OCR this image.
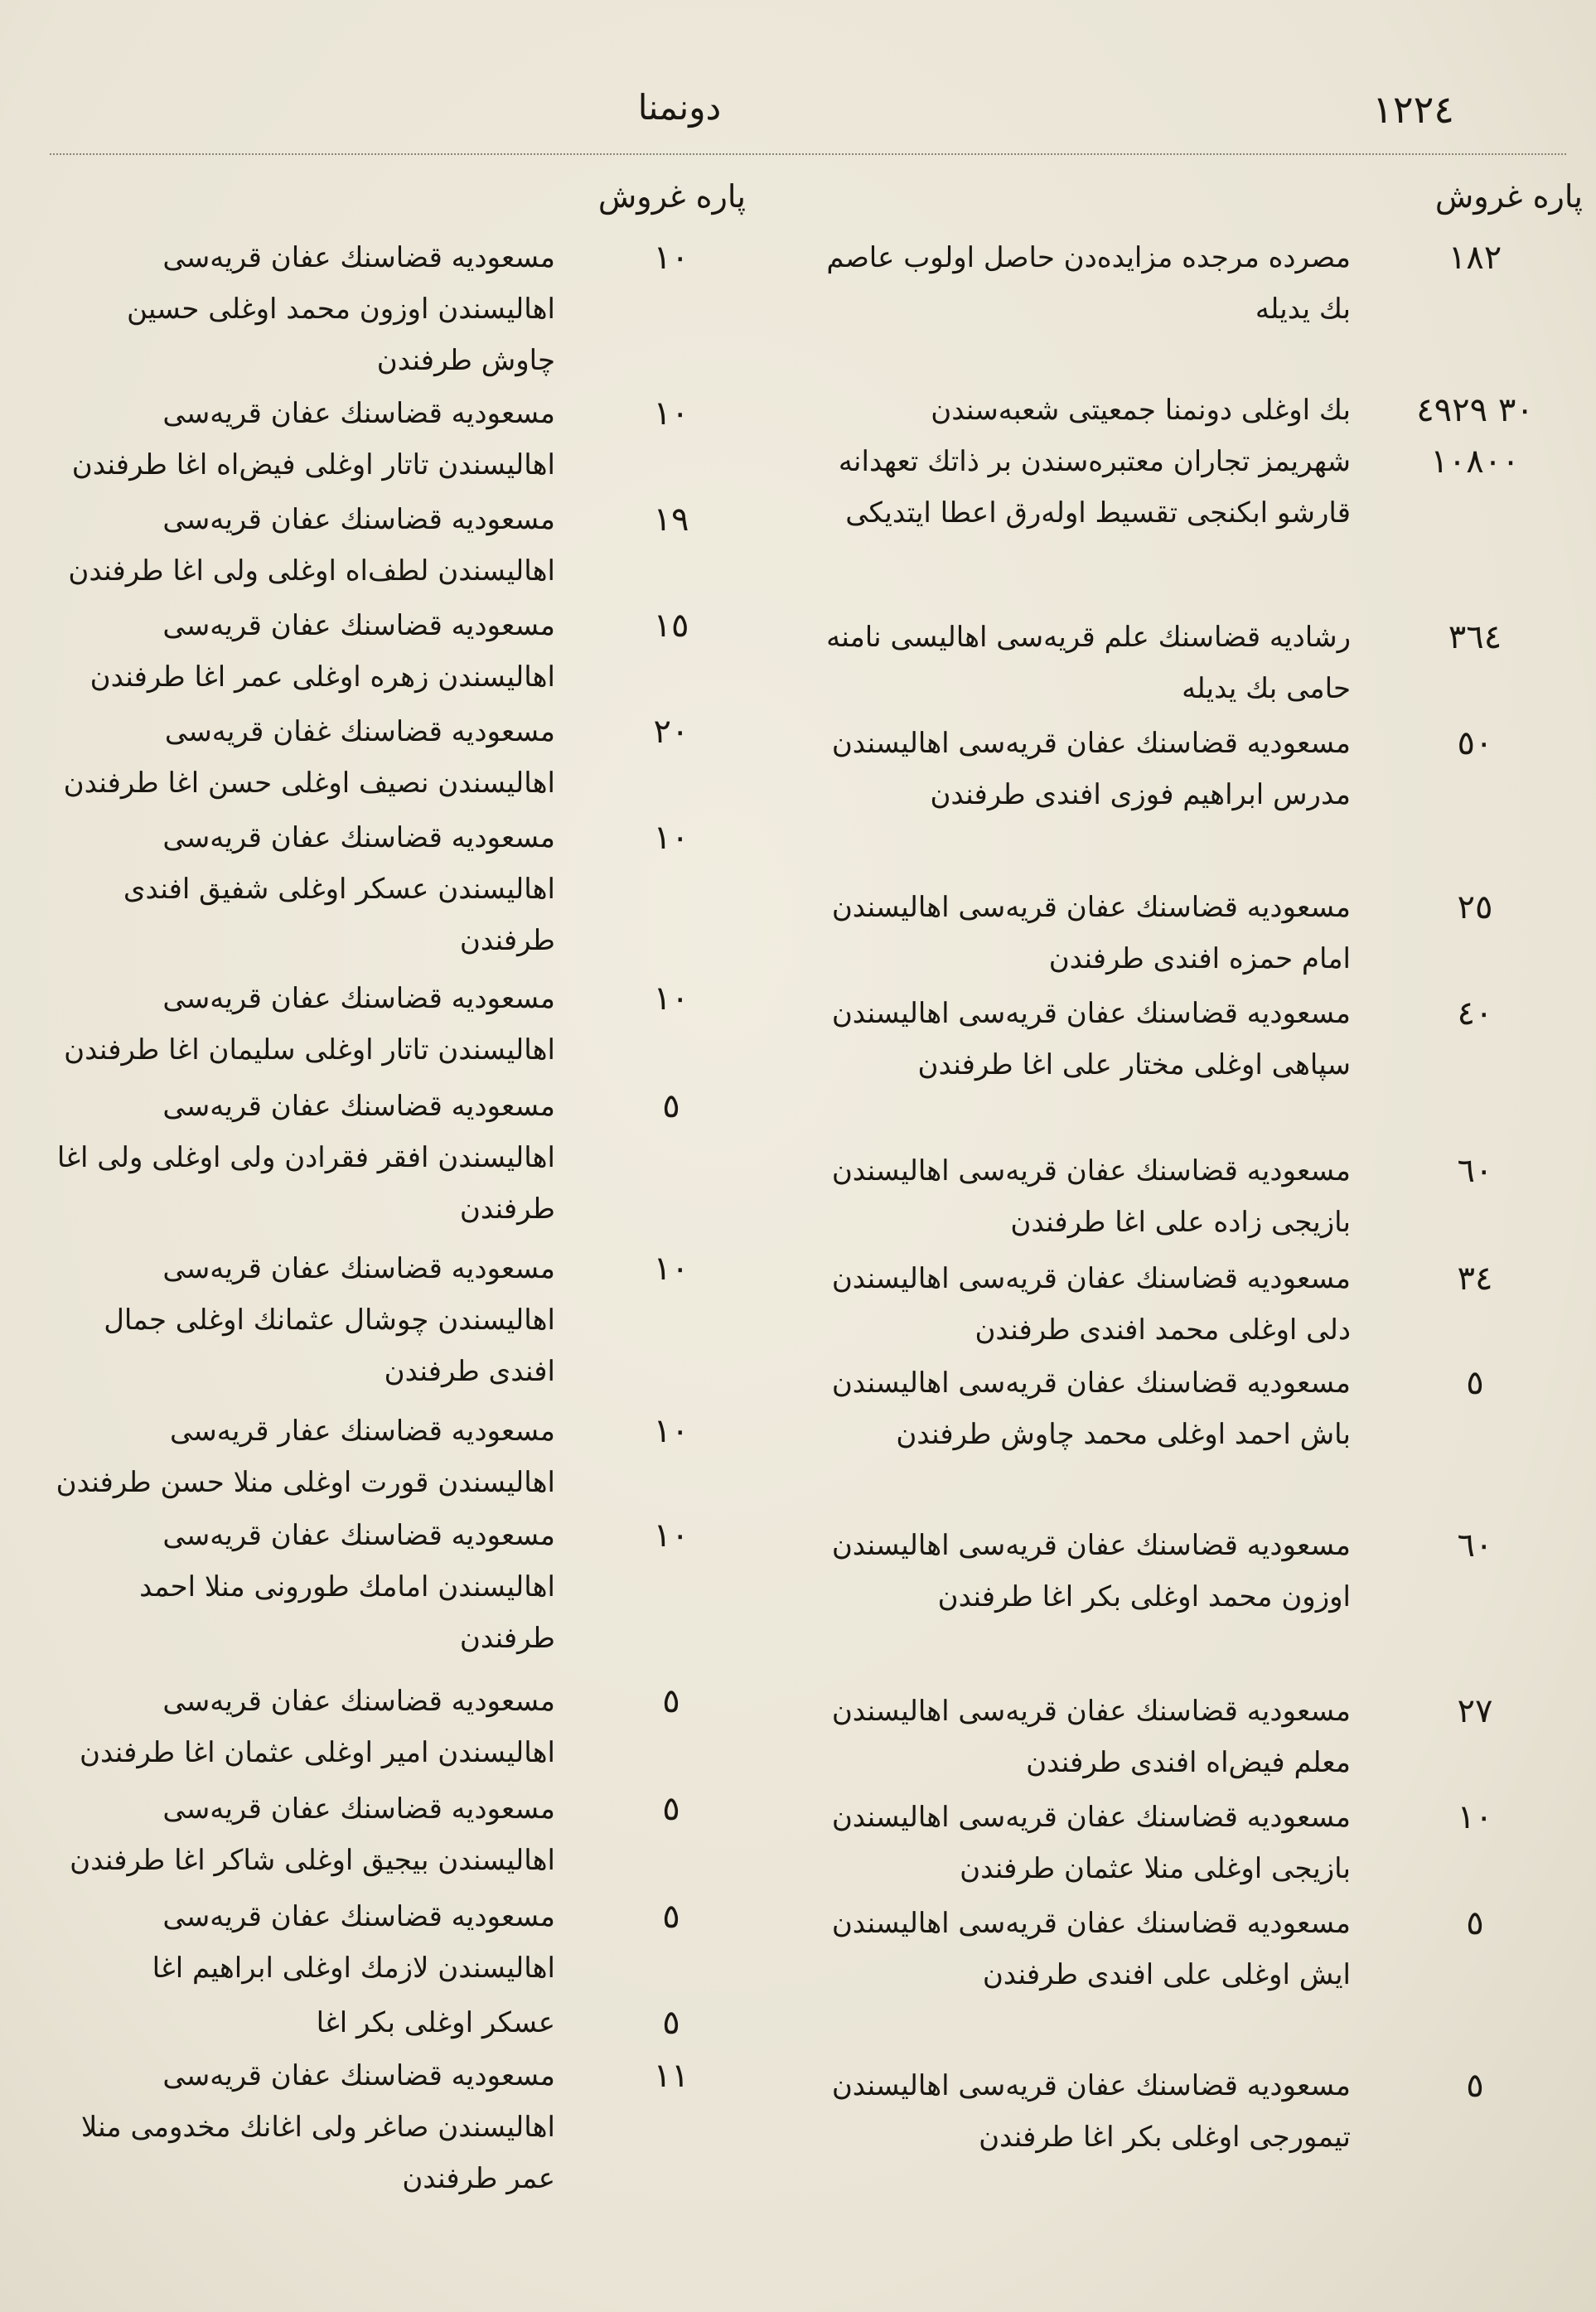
١٢٢٤
دونمنا
پاره غروش
پاره غروش
١٨٢
مصرده مرجده مزايده‌دن حاصل اولوب عاصم بك يديله
٣٠ ٤٩٢٩
بك اوغلی دونمنا جمعيتی شعبه‌سندن
١٠٨٠٠
شهريمز تجاران معتبره‌سندن بر ذاتك تعهدانه قارشو ابكنجی تقسيط اوله‌رق اعطا ايتديكی
٣٦٤
رشاديه قضاسنك علم قريه‌سی اهاليسی نامنه حامی بك يديله
٥٠
مسعوديه قضاسنك عفان قريه‌سی اهاليسندن مدرس ابراهيم فوزی افندی طرفندن
٢٥
مسعوديه قضاسنك عفان قريه‌سی اهاليسندن امام حمزه افندی طرفندن
٤٠
مسعوديه قضاسنك عفان قريه‌سی اهاليسندن سپاهی اوغلی مختار علی اغا طرفندن
٦٠
مسعوديه قضاسنك عفان قريه‌سی اهاليسندن بازيجی زاده علی اغا طرفندن
٣٤
مسعوديه قضاسنك عفان قريه‌سی اهاليسندن دلی اوغلی محمد افندی طرفندن
٥
مسعوديه قضاسنك عفان قريه‌سی اهاليسندن باش احمد اوغلی محمد چاوش طرفندن
٦٠
مسعوديه قضاسنك عفان قريه‌سی اهاليسندن اوزون محمد اوغلی بكر اغا طرفندن
٢٧
مسعوديه قضاسنك عفان قريه‌سی اهاليسندن معلم فيض‌اه افندی طرفندن
١٠
مسعوديه قضاسنك عفان قريه‌سی اهاليسندن بازيجی اوغلی منلا عثمان طرفندن
٥
مسعوديه قضاسنك عفان قريه‌سی اهاليسندن ايش اوغلی علی افندی طرفندن
٥
مسعوديه قضاسنك عفان قريه‌سی اهاليسندن تيمورجی اوغلی بكر اغا طرفندن
١٠
مسعوديه قضاسنك عفان قريه‌سی اهاليسندن اوزون محمد اوغلی حسين چاوش طرفندن
١٠
مسعوديه قضاسنك عفان قريه‌سی اهاليسندن تاتار اوغلی فيض‌اه اغا طرفندن
١٩
مسعوديه قضاسنك عفان قريه‌سی اهاليسندن لطف‌اه اوغلی ولی اغا طرفندن
١٥
مسعوديه قضاسنك عفان قريه‌سی اهاليسندن زهره اوغلی عمر اغا طرفندن
٢٠
مسعوديه قضاسنك غفان قريه‌سی اهاليسندن نصيف اوغلی حسن اغا طرفندن
١٠
مسعوديه قضاسنك عفان قريه‌سی اهاليسندن عسكر اوغلی شفيق افندی طرفندن
١٠
مسعوديه قضاسنك عفان قريه‌سی اهاليسندن تاتار اوغلی سليمان اغا طرفندن
٥
مسعوديه قضاسنك عفان قريه‌سی اهاليسندن افقر فقرادن ولی اوغلی ولی اغا طرفندن
١٠
مسعوديه قضاسنك عفان قريه‌سی اهاليسندن چوشال عثمانك اوغلی جمال افندی طرفندن
١٠
مسعوديه قضاسنك عفار قريه‌سی اهاليسندن قورت اوغلی منلا حسن طرفندن
١٠
مسعوديه قضاسنك عفان قريه‌سی اهاليسندن امامك طورونی منلا احمد طرفندن
٥
مسعوديه قضاسنك عفان قريه‌سی اهاليسندن امير اوغلی عثمان اغا طرفندن
٥
مسعوديه قضاسنك عفان قريه‌سی اهاليسندن بيجيق اوغلی شاكر اغا طرفندن
٥
مسعوديه قضاسنك عفان قريه‌سی اهاليسندن لازمك اوغلی ابراهيم اغا
٥
عسكر اوغلی بكر اغا
١١
مسعوديه قضاسنك عفان قريه‌سی اهاليسندن صاغر ولی اغانك مخدومی منلا عمر طرفندن
